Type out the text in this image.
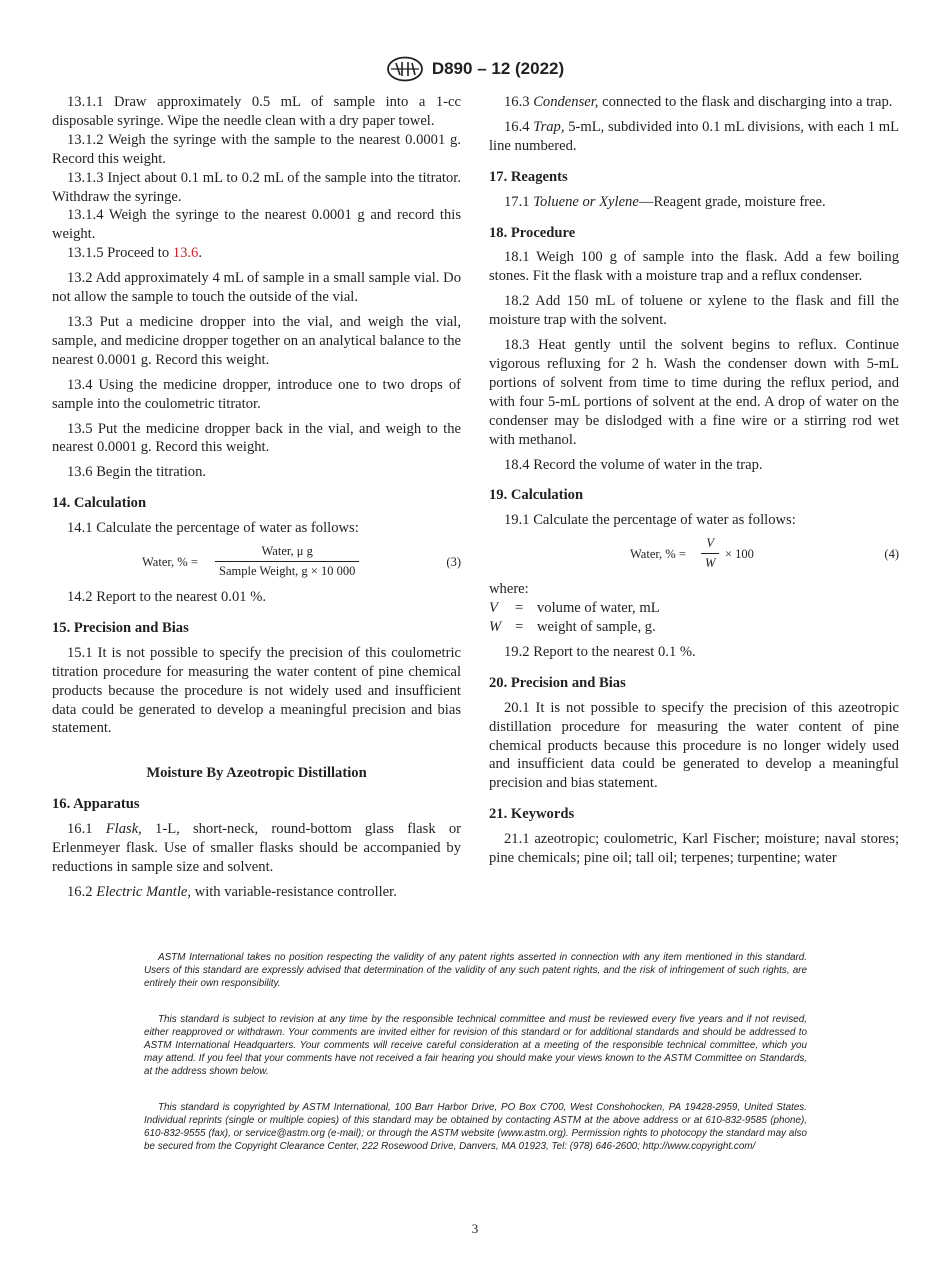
D890 – 12 (2022)

13.1.1 Draw approximately 0.5 mL of sample into a 1-cc disposable syringe. Wipe the needle clean with a dry paper towel.

13.1.2 Weigh the syringe with the sample to the nearest 0.0001 g. Record this weight.

13.1.3 Inject about 0.1 mL to 0.2 mL of the sample into the titrator. Withdraw the syringe.

13.1.4 Weigh the syringe to the nearest 0.0001 g and record this weight.

13.1.5 Proceed to 13.6.

13.2 Add approximately 4 mL of sample in a small sample vial. Do not allow the sample to touch the outside of the vial.

13.3 Put a medicine dropper into the vial, and weigh the vial, sample, and medicine dropper together on an analytical balance to the nearest 0.0001 g. Record this weight.

13.4 Using the medicine dropper, introduce one to two drops of sample into the coulometric titrator.

13.5 Put the medicine dropper back in the vial, and weigh to the nearest 0.0001 g. Record this weight.

13.6 Begin the titration.

14. Calculation

14.1 Calculate the percentage of water as follows:

Water, % =
Water, μ g
Sample Weight, g × 10 000
(3)

14.2 Report to the nearest 0.01 %.

15. Precision and Bias

15.1 It is not possible to specify the precision of this coulometric titration procedure for measuring the water content of pine chemical products because the procedure is not widely used and insufficient data could be generated to develop a meaningful precision and bias statement.

Moisture By Azeotropic Distillation

16. Apparatus

16.1 Flask, 1-L, short-neck, round-bottom glass flask or Erlenmeyer flask. Use of smaller flasks should be accompanied by reductions in sample size and solvent.

16.2 Electric Mantle, with variable-resistance controller.

16.3 Condenser, connected to the flask and discharging into a trap.

16.4 Trap, 5-mL, subdivided into 0.1 mL divisions, with each 1 mL line numbered.

17. Reagents

17.1 Toluene or Xylene—Reagent grade, moisture free.

18. Procedure

18.1 Weigh 100 g of sample into the flask. Add a few boiling stones. Fit the flask with a moisture trap and a reflux condenser.

18.2 Add 150 mL of toluene or xylene to the flask and fill the moisture trap with the solvent.

18.3 Heat gently until the solvent begins to reflux. Continue vigorous refluxing for 2 h. Wash the condenser down with 5-mL portions of solvent from time to time during the reflux period, and with four 5-mL portions of solvent at the end. A drop of water on the condenser may be dislodged with a fine wire or a stirring rod wet with methanol.

18.4 Record the volume of water in the trap.

19. Calculation

19.1 Calculate the percentage of water as follows:

Water, % =
V
W
× 100	(4)

where:

V	= volume of water, mL
W = weight of sample, g.

19.2 Report to the nearest 0.1 %.

20. Precision and Bias

20.1 It is not possible to specify the precision of this azeotropic distillation procedure for measuring the water content of pine chemical products because this procedure is no longer widely used and insufficient data could be generated to develop a meaningful precision and bias statement.

21. Keywords

21.1 azeotropic; coulometric, Karl Fischer; moisture; naval stores; pine chemicals; pine oil; tall oil; terpenes; turpentine; water

ASTM International takes no position respecting the validity of any patent rights asserted in connection with any item mentioned in this standard. Users of this standard are expressly advised that determination of the validity of any such patent rights, and the risk of infringement of such rights, are entirely their own responsibility.

This standard is subject to revision at any time by the responsible technical committee and must be reviewed every five years and if not revised, either reapproved or withdrawn. Your comments are invited either for revision of this standard or for additional standards and should be addressed to ASTM International Headquarters. Your comments will receive careful consideration at a meeting of the responsible technical committee, which you may attend. If you feel that your comments have not received a fair hearing you should make your views known to the ASTM Committee on Standards, at the address shown below.

This standard is copyrighted by ASTM International, 100 Barr Harbor Drive, PO Box C700, West Conshohocken, PA 19428-2959, United States. Individual reprints (single or multiple copies) of this standard may be obtained by contacting ASTM at the above address or at 610-832-9585 (phone), 610-832-9555 (fax), or service@astm.org (e-mail); or through the ASTM website (www.astm.org). Permission rights to photocopy the standard may also be secured from the Copyright Clearance Center, 222 Rosewood Drive, Danvers, MA 01923, Tel: (978) 646-2600; http://www.copyright.com/

3
